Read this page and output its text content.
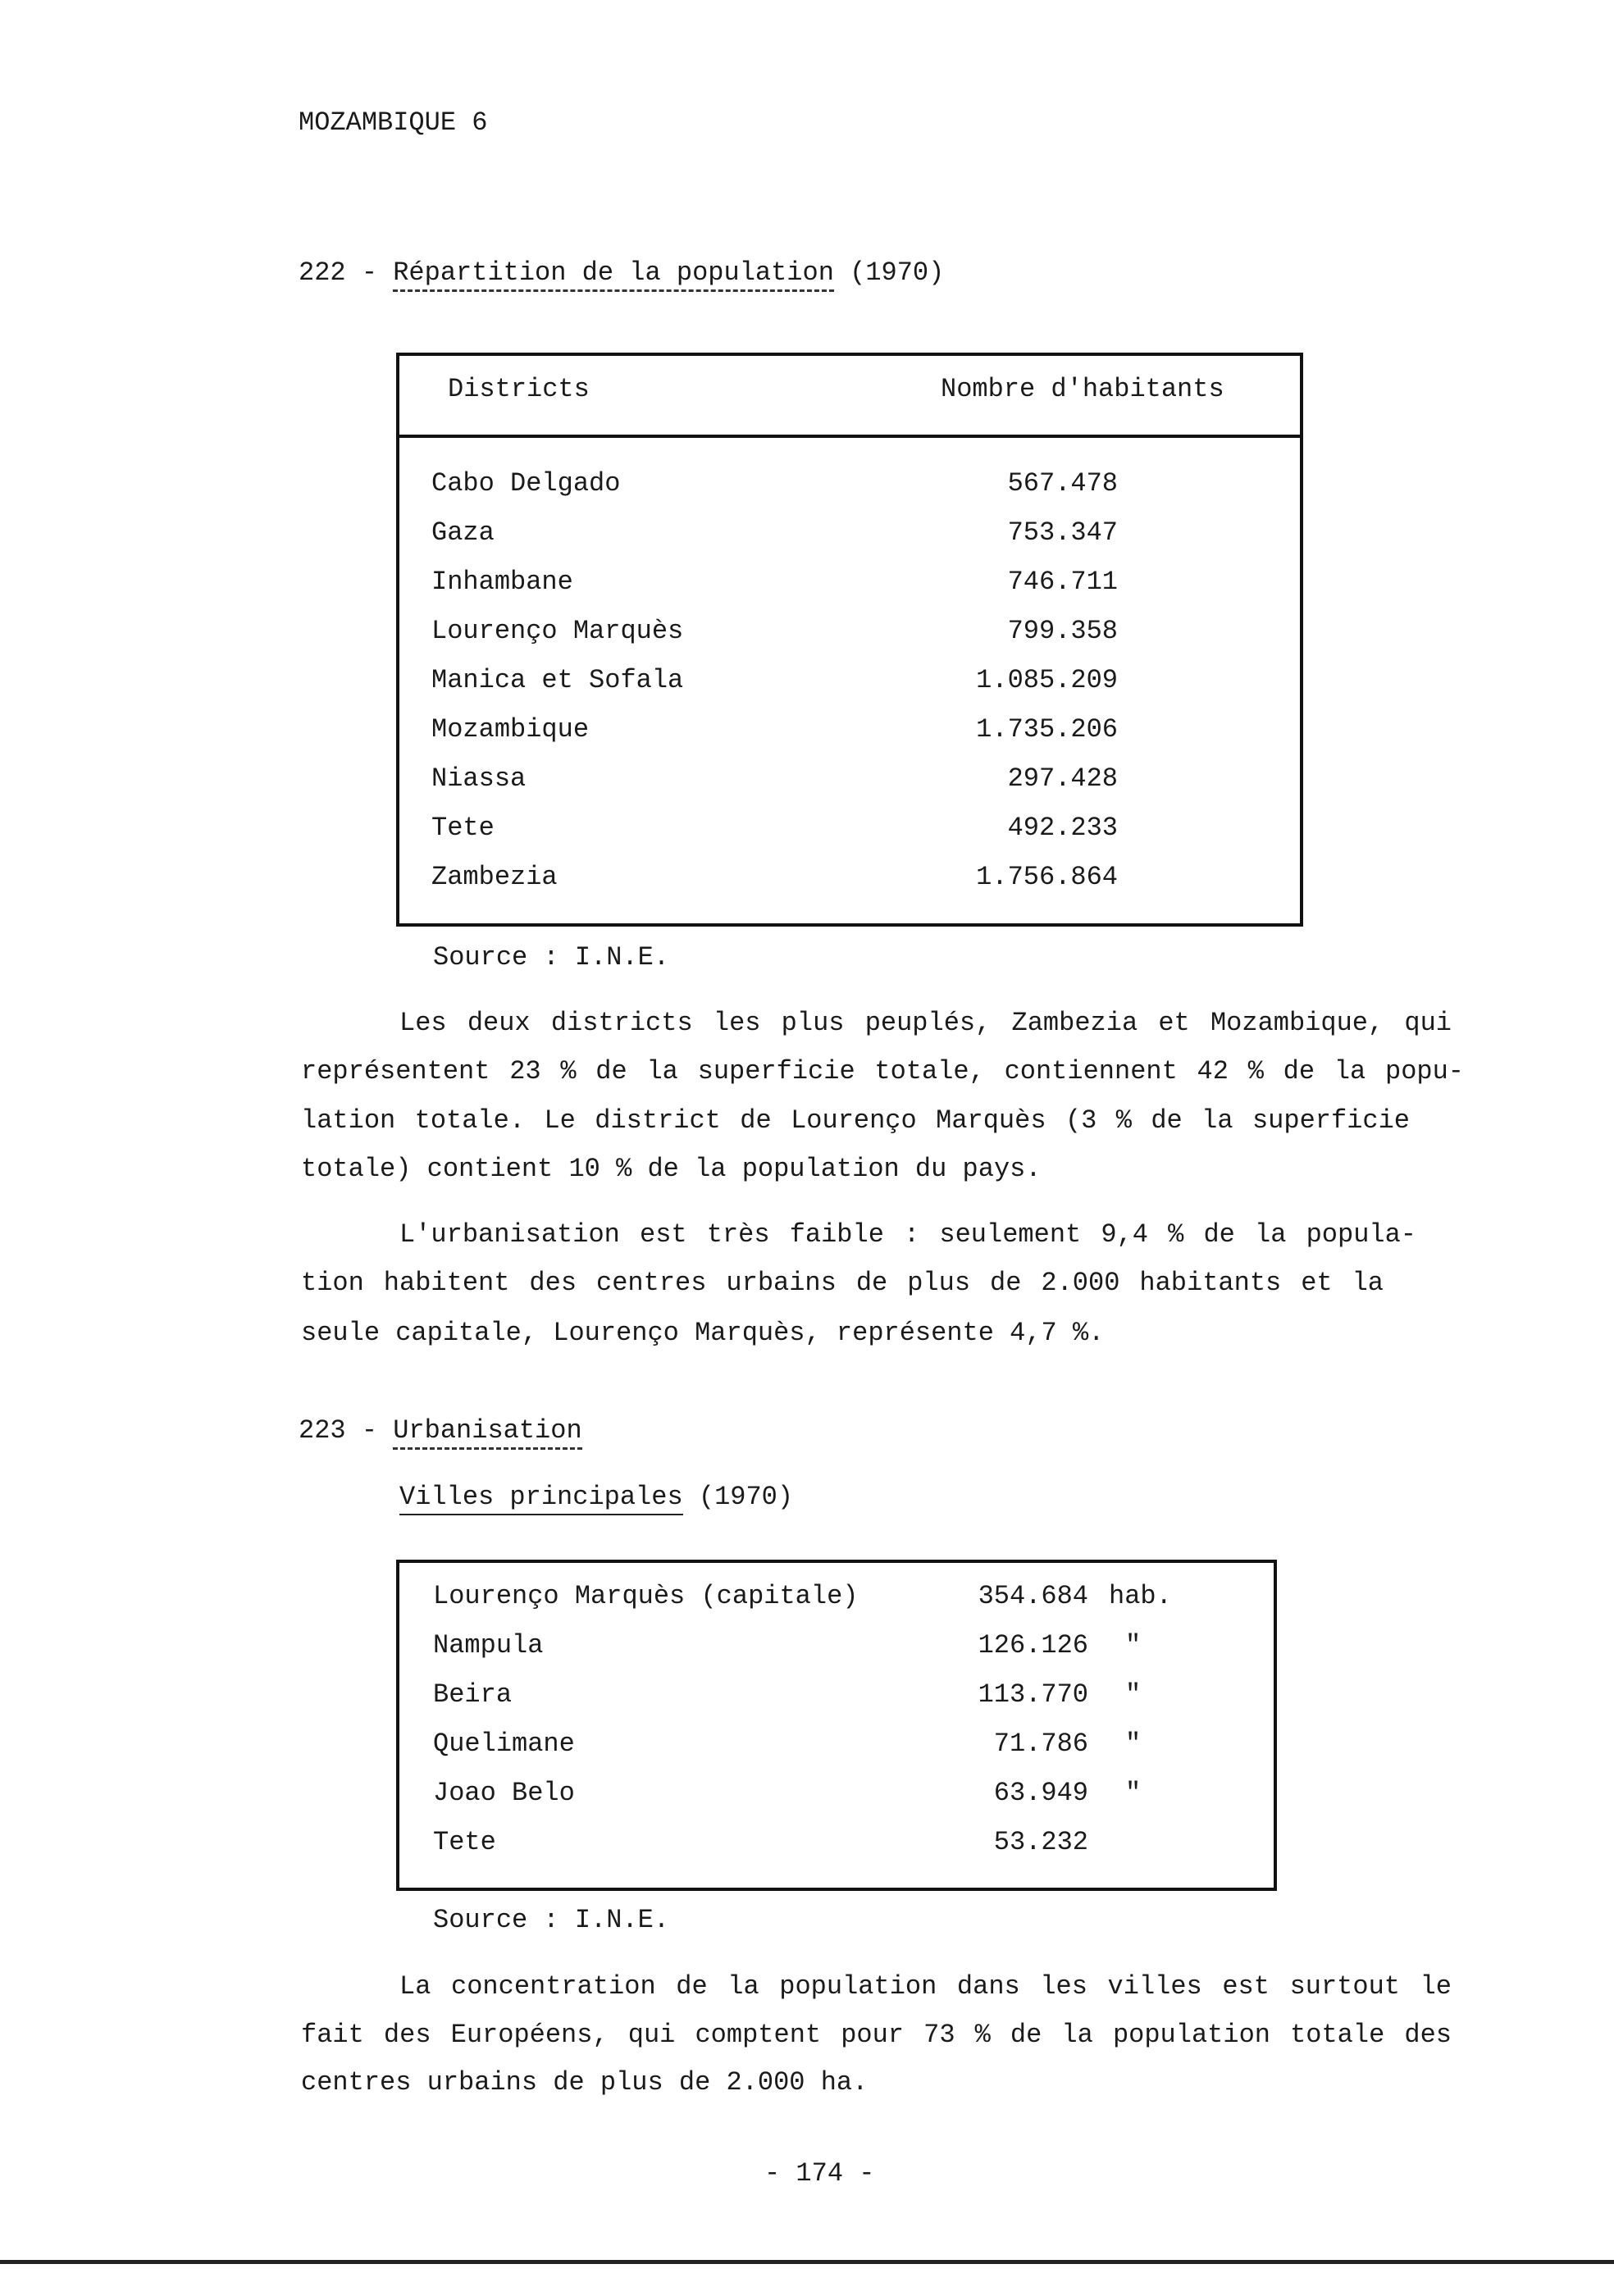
MOZAMBIQUE 6
222 - Répartition de la population (1970)
Districts	Nombre d'habitants
Cabo Delgado	567.478
Gaza	753.347
Inhambane	746.711
Lourenço Marquès	799.358
Manica et Sofala	1.085.209
Mozambique	1.735.206
Niassa	297.428
Tete	492.233
Zambezia	1.756.864
Source : I.N.E.
Les deux districts les plus peuplés, Zambezia et Mozambique, qui
représentent 23 % de la superficie totale, contiennent 42 % de la popu-
lation totale. Le district de Lourenço Marquès (3 % de la superficie
totale) contient 10 % de la population du pays.
L'urbanisation est très faible : seulement 9,4 % de la popula-
tion habitent des centres urbains de plus de 2.000 habitants et la
seule capitale, Lourenço Marquès, représente 4,7 %.
223 - Urbanisation
Villes principales (1970)
Lourenço Marquès (capitale)	354.684 hab.
Nampula	126.126 "
Beira	113.770 "
Quelimane	71.786 "
Joao Belo	63.949 "
Tete	53.232
Source : I.N.E.
La concentration de la population dans les villes est surtout le
fait des Européens, qui comptent pour 73 % de la population totale des
centres urbains de plus de 2.000 ha.
- 174 -
